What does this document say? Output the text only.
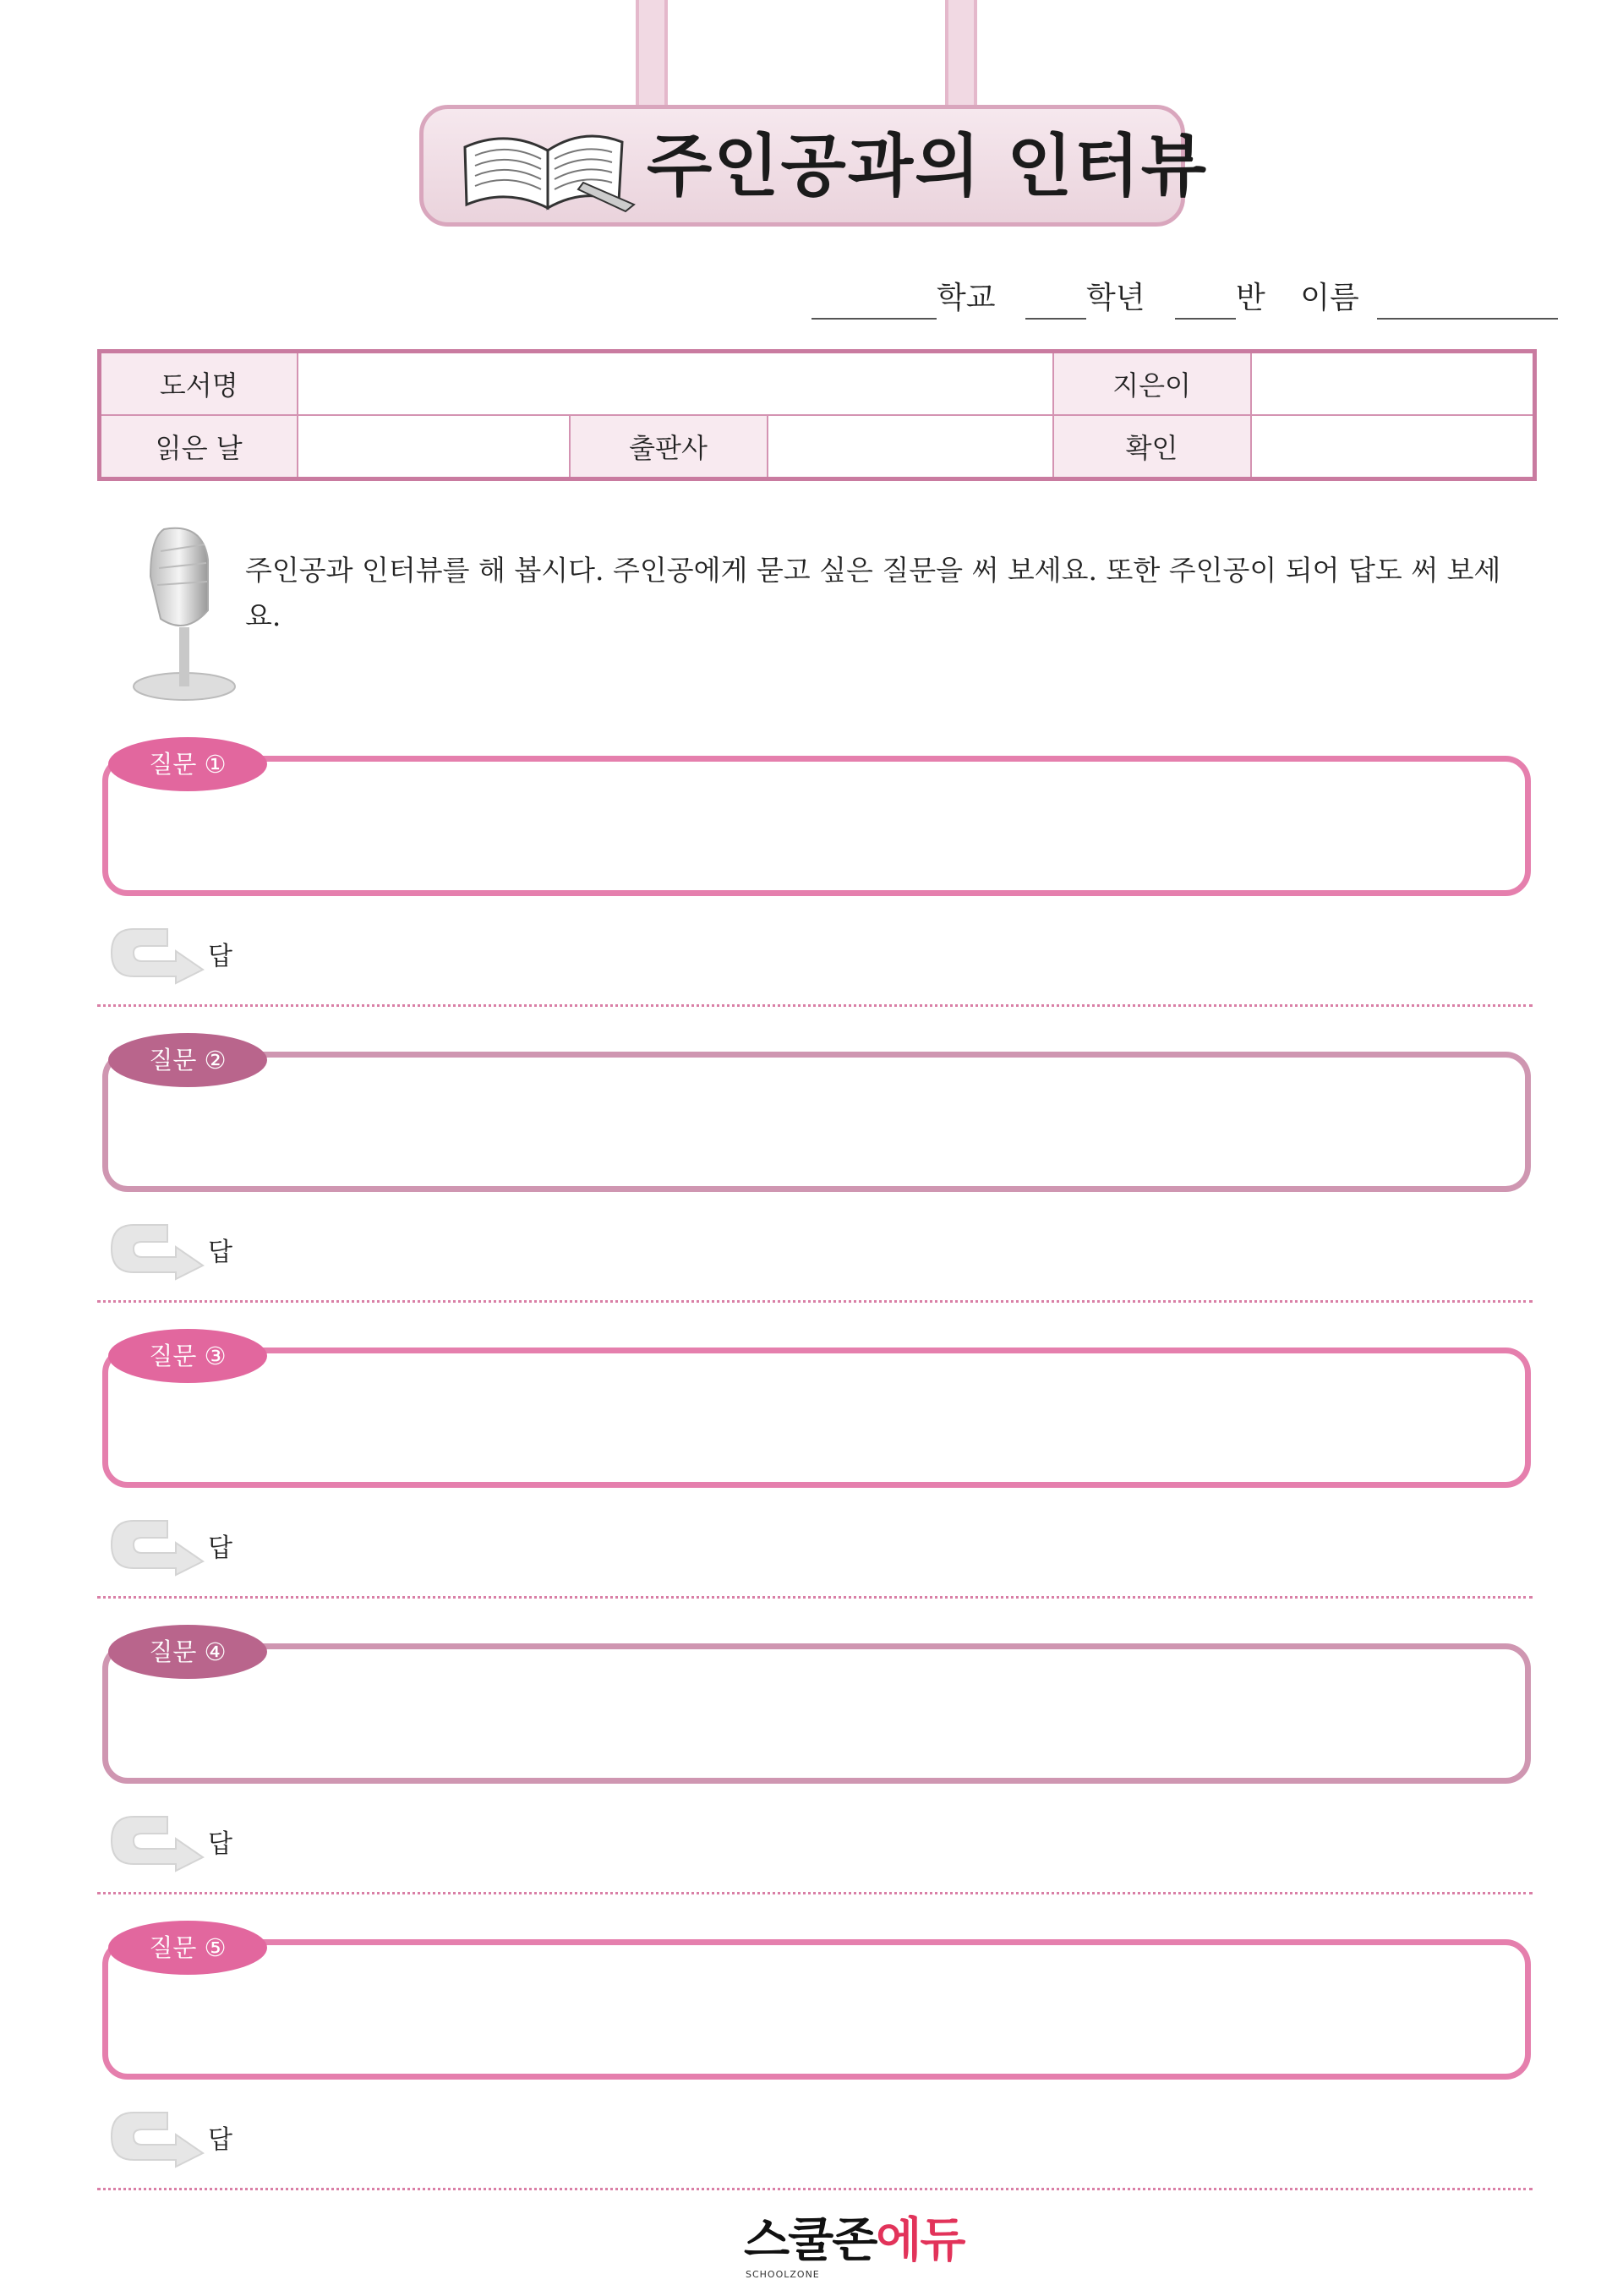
주인공과의 인터뷰
학교	학년	반 이름
도서명				지은이	
읽은 날		출판사		확인	
주인공과 인터뷰를 해 봅시다. 주인공에게 묻고 싶은 질문을 써 보세요. 또한 주인공이 되어 답도 써 보세요.
질문 ①
답
질문 ②
답
질문 ③
답
질문 ④
답
질문 ⑤
답
스쿨존에듀
SCHOOLZONE
